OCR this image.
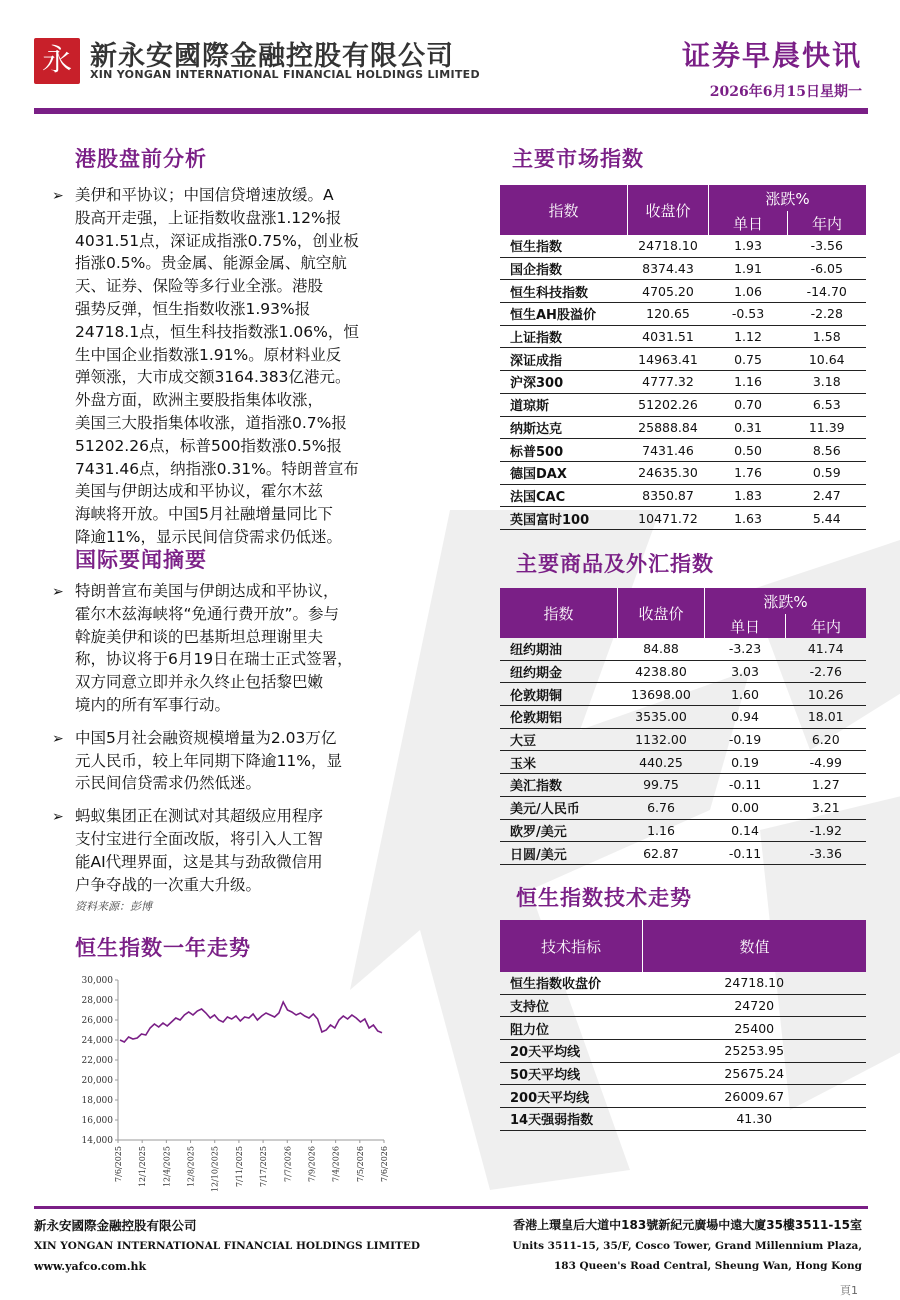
永 新永安國際金融控股有限公司
XIN YONGAN INTERNATIONAL FINANCIAL HOLDINGS LIMITED
证券早晨快讯
2026年6月15日星期一
港股盘前分析
➢ 美伊和平协议；中国信贷增速放缓。A
股高开走强，上证指数收盘涨1.12%报
4031.51点，深证成指涨0.75%，创业板
指涨0.5%。贵金属、能源金属、航空航
天、证券、保险等多行业全涨。港股
强势反弹，恒生指数收涨1.93%报
24718.1点，恒生科技指数涨1.06%，恒
生中国企业指数涨1.91%。原材料业反
弹领涨，大市成交额3164.383亿港元。
外盘方面，欧洲主要股指集体收涨，
美国三大股指集体收涨，道指涨0.7%报
51202.26点，标普500指数涨0.5%报
7431.46点，纳指涨0.31%。特朗普宣布
美国与伊朗达成和平协议，霍尔木兹
海峡将开放。中国5月社融增量同比下
降逾11%，显示民间信贷需求仍低迷。
国际要闻摘要
➢ 特朗普宣布美国与伊朗达成和平协议，
霍尔木兹海峡将“免通行费开放”。参与
斡旋美伊和谈的巴基斯坦总理谢里夫
称，协议将于6月19日在瑞士正式签署，
双方同意立即并永久终止包括黎巴嫩
境内的所有军事行动。
➢ 中国5月社会融资规模增量为2.03万亿
元人民币，较上年同期下降逾11%，显
示民间信贷需求仍然低迷。
➢ 蚂蚁集团正在测试对其超级应用程序
支付宝进行全面改版，将引入人工智
能AI代理界面，这是其与劲敌微信用
户争夺战的一次重大升级。
资料来源：彭博
恒生指数一年走势
30,000
28,000
26,000
24,000
22,000
20,000
18,000
16,000
14,000
7/6/2025 12/1/2025 12/4/2025 12/8/2025 12/10/2025 7/11/2025 7/17/2025 7/7/2026 7/9/2026 7/4/2026 7/5/2026 7/6/2026
主要市场指数
指数	收盘价	涨跌%	
		单日	年内
恒生指数	24718.10	1.93	-3.56
国企指数	8374.43	1.91	-6.05
恒生科技指数	4705.20	1.06	-14.70
恒生AH股溢价	120.65	-0.53	-2.28
上证指数	4031.51	1.12	1.58
深证成指	14963.41	0.75	10.64
沪深300	4777.32	1.16	3.18
道琼斯	51202.26	0.70	6.53
纳斯达克	25888.84	0.31	11.39
标普500	7431.46	0.50	8.56
德国DAX	24635.30	1.76	0.59
法国CAC	8350.87	1.83	2.47
英国富时100	10471.72	1.63	5.44
主要商品及外汇指数
指数	收盘价	涨跌%	
		单日	年内
纽约期油	84.88	-3.23	41.74
纽约期金	4238.80	3.03	-2.76
伦敦期铜	13698.00	1.60	10.26
伦敦期铝	3535.00	0.94	18.01
大豆	1132.00	-0.19	6.20
玉米	440.25	0.19	-4.99
美汇指数	99.75	-0.11	1.27
美元/人民币	6.76	0.00	3.21
欧罗/美元	1.16	0.14	-1.92
日圆/美元	62.87	-0.11	-3.36
恒生指数技术走势
技术指标	数值
恒生指数收盘价	24718.10
支持位	24720
阻力位	25400
20天平均线	25253.95
50天平均线	25675.24
200天平均线	26009.67
14天强弱指数	41.30
新永安國際金融控股有限公司
XIN YONGAN INTERNATIONAL FINANCIAL HOLDINGS LIMITED
www.yafco.com.hk
香港上環皇后大道中183號新紀元廣場中遠大廈35樓3511-15室
Units 3511-15, 35/F, Cosco Tower, Grand Millennium Plaza,
183 Queen's Road Central, Sheung Wan, Hong Kong
頁1
